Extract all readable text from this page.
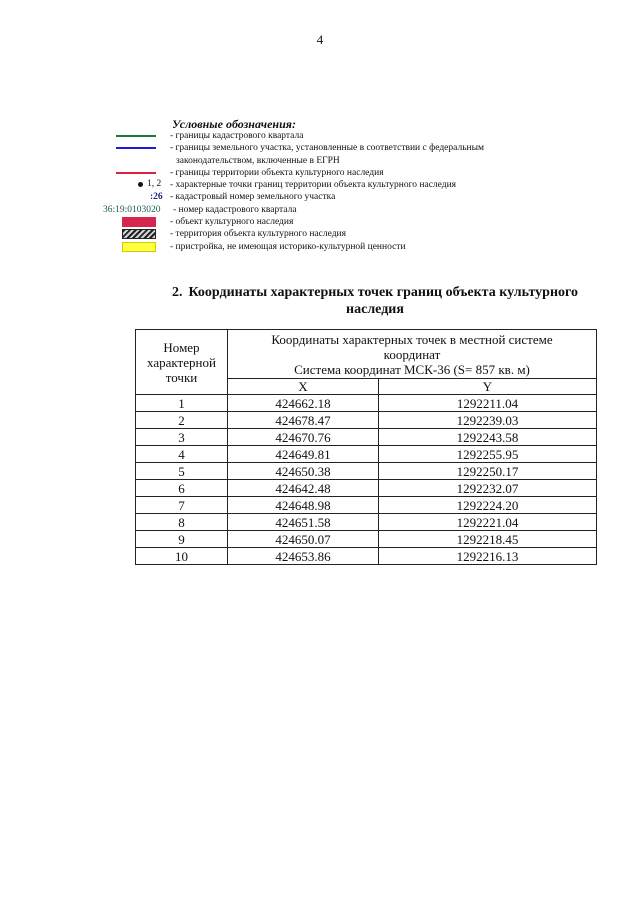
4
Условные обозначения:
- границы кадастрового квартала
- границы земельного участка, установленные в соответствии с федеральным
законодательством, включенные в ЕГРН
- границы территории объекта культурного наследия
1, 2 - характерные точки границ территории объекта культурного наследия
:26 - кадастровый номер земельного участка
36:19:0103020 - номер кадастрового квартала
- объект культурного наследия
- территория объекта культурного наследия
- пристройка, не имеющая историко-культурной ценности
2. Координаты характерных точек границ объекта культурного
наследия
Номер характерной точки	Координаты характерных точек в местной системе
координат
Система координат МСК-36 (S= 857 кв. м)	
	X	Y
1	424662.18	1292211.04
2	424678.47	1292239.03
3	424670.76	1292243.58
4	424649.81	1292255.95
5	424650.38	1292250.17
6	424642.48	1292232.07
7	424648.98	1292224.20
8	424651.58	1292221.04
9	424650.07	1292218.45
10	424653.86	1292216.13
